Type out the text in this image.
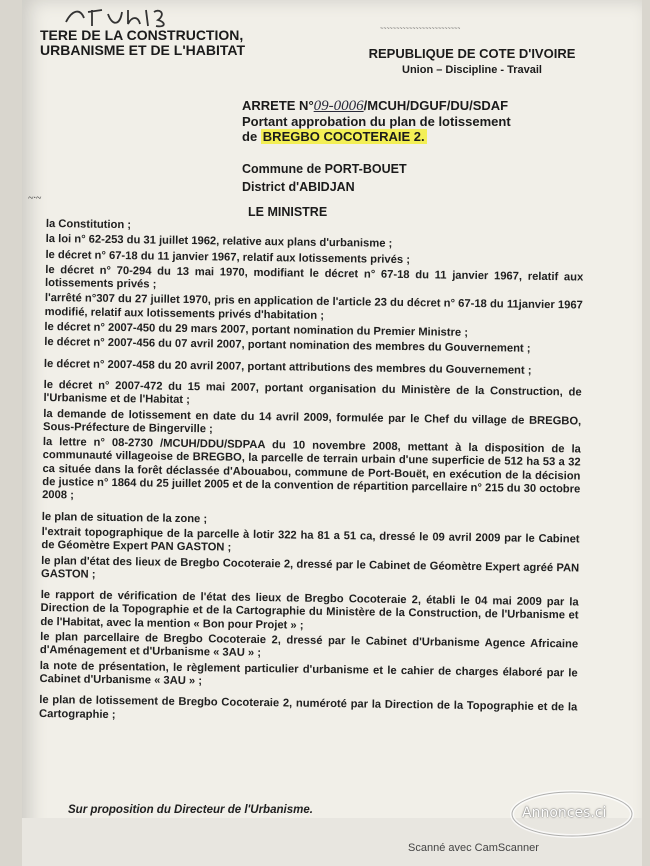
TERE DE LA CONSTRUCTION,
URBANISME ET DE L'HABITAT
~~~~~~~~~~~~~~~~~~~~~~~~~
REPUBLIQUE DE COTE D'IVOIRE
Union – Discipline - Travail
ARRETE N°09-0006/MCUH/DGUF/DU/SDAF
Portant approbation du plan de lotissement
de BREGBO COCOTERAIE 2.
Commune de PORT-BOUET
District d'ABIDJAN
~·~
LE MINISTRE

la Constitution ;

la loi n° 62-253 du 31 juillet 1962, relative aux plans d'urbanisme ;

le décret n° 67-18 du 11 janvier 1967, relatif aux lotissements privés ;

le décret n° 70-294 du 13 mai 1970, modifiant le décret n° 67-18 du 11 janvier 1967, relatif aux lotissements privés ;

l'arrêté n°307 du 27 juillet 1970, pris en application de l'article 23 du décret n° 67-18 du 11janvier 1967 modifié, relatif aux lotissements privés d'habitation ;

le décret n° 2007-450 du 29 mars 2007, portant nomination du Premier Ministre ;

le décret n° 2007-456 du 07 avril 2007, portant nomination des membres du Gouvernement ;

le décret n° 2007-458 du 20 avril 2007, portant attributions des membres du Gouvernement ;

le décret n° 2007-472 du 15 mai 2007, portant organisation du Ministère de la Construction, de l'Urbanisme et de l'Habitat ;

la demande de lotissement en date du 14 avril 2009, formulée par le Chef du village de BREGBO, Sous-Préfecture de Bingerville ;

la lettre n° 08-2730 /MCUH/DDU/SDPAA du 10 novembre 2008, mettant à la disposition de la communauté villageoise de BREGBO, la parcelle de terrain urbain d'une superficie de 512 ha 53 a 32 ca située dans la forêt déclassée d'Abouabou, commune de Port-Bouët, en exécution de la décision de justice n° 1864 du 25 juillet 2005 et de la convention de répartition parcellaire n° 215 du 30 octobre 2008 ;

le plan de situation de la zone ;

l'extrait topographique de la parcelle à lotir 322 ha 81 a 51 ca, dressé le 09 avril 2009 par le Cabinet de Géomètre Expert PAN GASTON ;

le plan d'état des lieux de Bregbo Cocoteraie 2, dressé par le Cabinet de Géomètre Expert agréé PAN GASTON ;

le rapport de vérification de l'état des lieux de Bregbo Cocoteraie 2, établi le 04 mai 2009 par la Direction de la Topographie et de la Cartographie du Ministère de la Construction, de l'Urbanisme et de l'Habitat, avec la mention « Bon pour Projet » ;

le plan parcellaire de Bregbo Cocoteraie 2, dressé par le Cabinet d'Urbanisme Agence Africaine d'Aménagement et d'Urbanisme « 3AU » ;

la note de présentation, le règlement particulier d'urbanisme et le cahier de charges élaboré par le Cabinet d'Urbanisme « 3AU » ;

le plan de lotissement de Bregbo Cocoteraie 2, numéroté par la Direction de la Topographie et de la Cartographie ;

Sur proposition du Directeur de l'Urbanisme.	Annonces.ci
Scanné avec CamScanner
